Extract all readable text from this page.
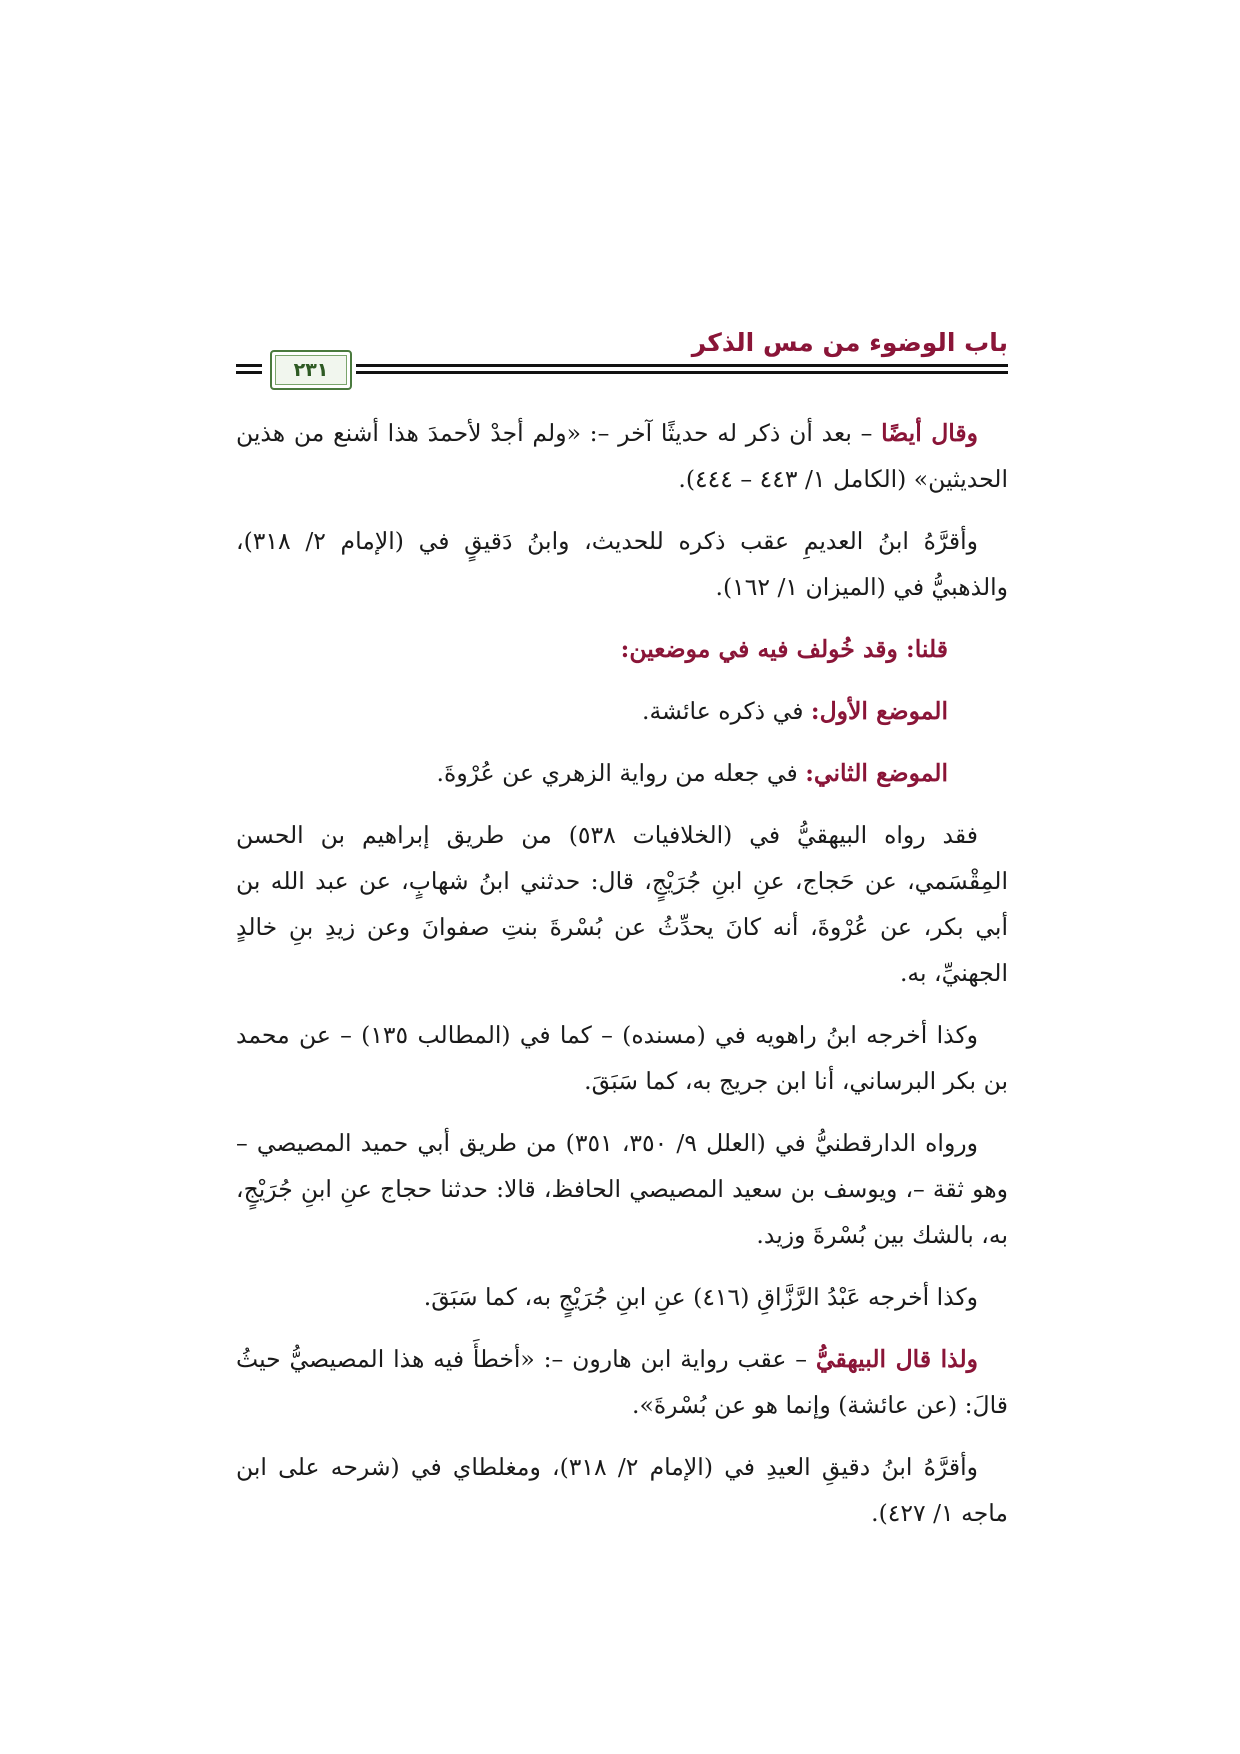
باب الوضوء من مس الذكر
٢٣١

وقال أيضًا – بعد أن ذكر له حديثًا آخر –: «ولم أجدْ لأحمدَ هذا أشنع من هذين الحديثين» (الكامل ١/ ٤٤٣ – ٤٤٤).

وأقرَّهُ ابنُ العديمِ عقب ذكره للحديث، وابنُ دَقيقٍ في (الإمام ٢/ ٣١٨)، والذهبيُّ في (الميزان ١/ ١٦٢).

قلنا: وقد خُولف فيه في موضعين:

الموضع الأول: في ذكره عائشة.

الموضع الثاني: في جعله من رواية الزهري عن عُرْوةَ.

فقد رواه البيهقيُّ في (الخلافيات ٥٣٨) من طريق إبراهيم بن الحسن المِقْسَمي، عن حَجاج، عنِ ابنِ جُرَيْجٍ، قال: حدثني ابنُ شهابٍ، عن عبد الله بن أبي بكر، عن عُرْوةَ، أنه كانَ يحدِّثُ عن بُسْرةَ بنتِ صفوانَ وعن زيدِ بنِ خالدٍ الجهنيِّ، به.

وكذا أخرجه ابنُ راهويه في (مسنده) – كما في (المطالب ١٣٥) – عن محمد بن بكر البرساني، أنا ابن جريج به، كما سَبَقَ.

ورواه الدارقطنيُّ في (العلل ٩/ ٣٥٠، ٣٥١) من طريق أبي حميد المصيصي – وهو ثقة –، ويوسف بن سعيد المصيصي الحافظ، قالا: حدثنا حجاج عنِ ابنِ جُرَيْجٍ، به، بالشك بين بُسْرةَ وزيد.

وكذا أخرجه عَبْدُ الرَّزَّاقِ (٤١٦) عنِ ابنِ جُرَيْجٍ به، كما سَبَقَ.

ولذا قال البيهقيُّ – عقب رواية ابن هارون –: «أخطأَ فيه هذا المصيصيُّ حيثُ قالَ: (عن عائشة) وإنما هو عن بُسْرةَ».

وأقرَّهُ ابنُ دقيقِ العيدِ في (الإمام ٢/ ٣١٨)، ومغلطاي في (شرحه على ابن ماجه ١/ ٤٢٧).
